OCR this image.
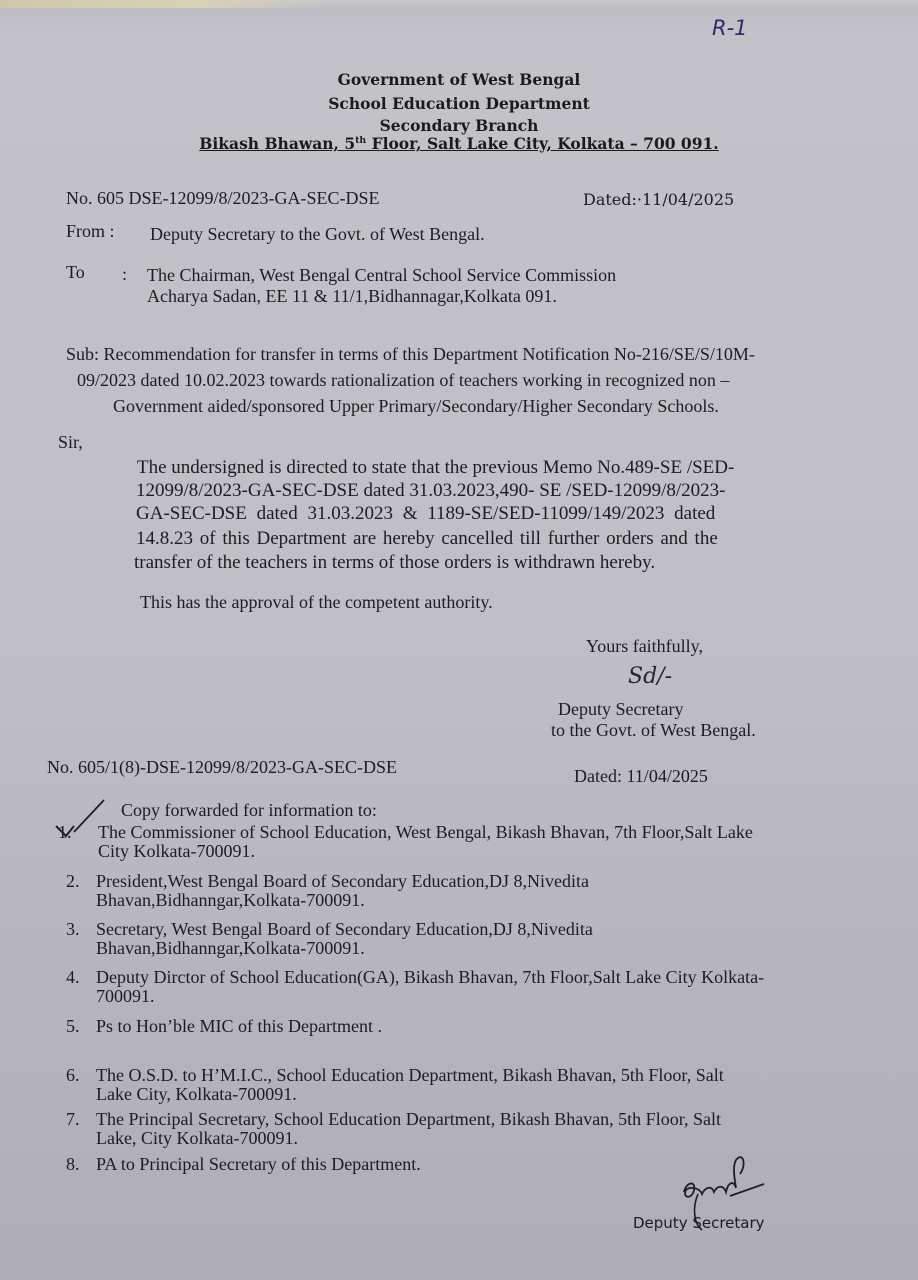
R-1
Government of West Bengal
School Education Department
Secondary Branch
Bikash Bhawan, 5th Floor, Salt Lake City, Kolkata – 700 091.
No. 605 DSE-12099/8/2023-GA-SEC-DSE	Dated:·11/04/2025
From : Deputy Secretary to the Govt. of West Bengal.
To : The Chairman, West Bengal Central School Service Commission
Acharya Sadan, EE 11 & 11/1,Bidhannagar,Kolkata 091.
Sub: Recommendation for transfer in terms of this Department Notification No-216/SE/S/10M-
09/2023 dated 10.02.2023 towards rationalization of teachers working in recognized non –
Government aided/sponsored Upper Primary/Secondary/Higher Secondary Schools.
Sir,
The undersigned is directed to state that the previous Memo No.489-SE /SED-
12099/8/2023-GA-SEC-DSE dated 31.03.2023,490- SE /SED-12099/8/2023-
GA-SEC-DSE dated 31.03.2023 & 1189-SE/SED-11099/149/2023 dated
14.8.23 of this Department are hereby cancelled till further orders and the
transfer of the teachers in terms of those orders is withdrawn hereby.
This has the approval of the competent authority.
Yours faithfully,
Sd/-
Deputy Secretary
to the Govt. of West Bengal.
No. 605/1(8)-DSE-12099/8/2023-GA-SEC-DSE	Dated: 11/04/2025
Copy forwarded for information to:
1. The Commissioner of School Education, West Bengal, Bikash Bhavan, 7th Floor,Salt Lake
City Kolkata-700091.
2. President,West Bengal Board of Secondary Education,DJ 8,Nivedita
Bhavan,Bidhanngar,Kolkata-700091.
3. Secretary, West Bengal Board of Secondary Education,DJ 8,Nivedita
Bhavan,Bidhanngar,Kolkata-700091.
4. Deputy Dirctor of School Education(GA), Bikash Bhavan, 7th Floor,Salt Lake City Kolkata-
700091.
5. Ps to Hon’ble MIC of this Department .
6. The O.S.D. to H’M.I.C., School Education Department, Bikash Bhavan, 5th Floor, Salt
Lake City, Kolkata-700091.
7. The Principal Secretary, School Education Department, Bikash Bhavan, 5th Floor, Salt
Lake, City Kolkata-700091.
8. PA to Principal Secretary of this Department.
Deputy Secretary
